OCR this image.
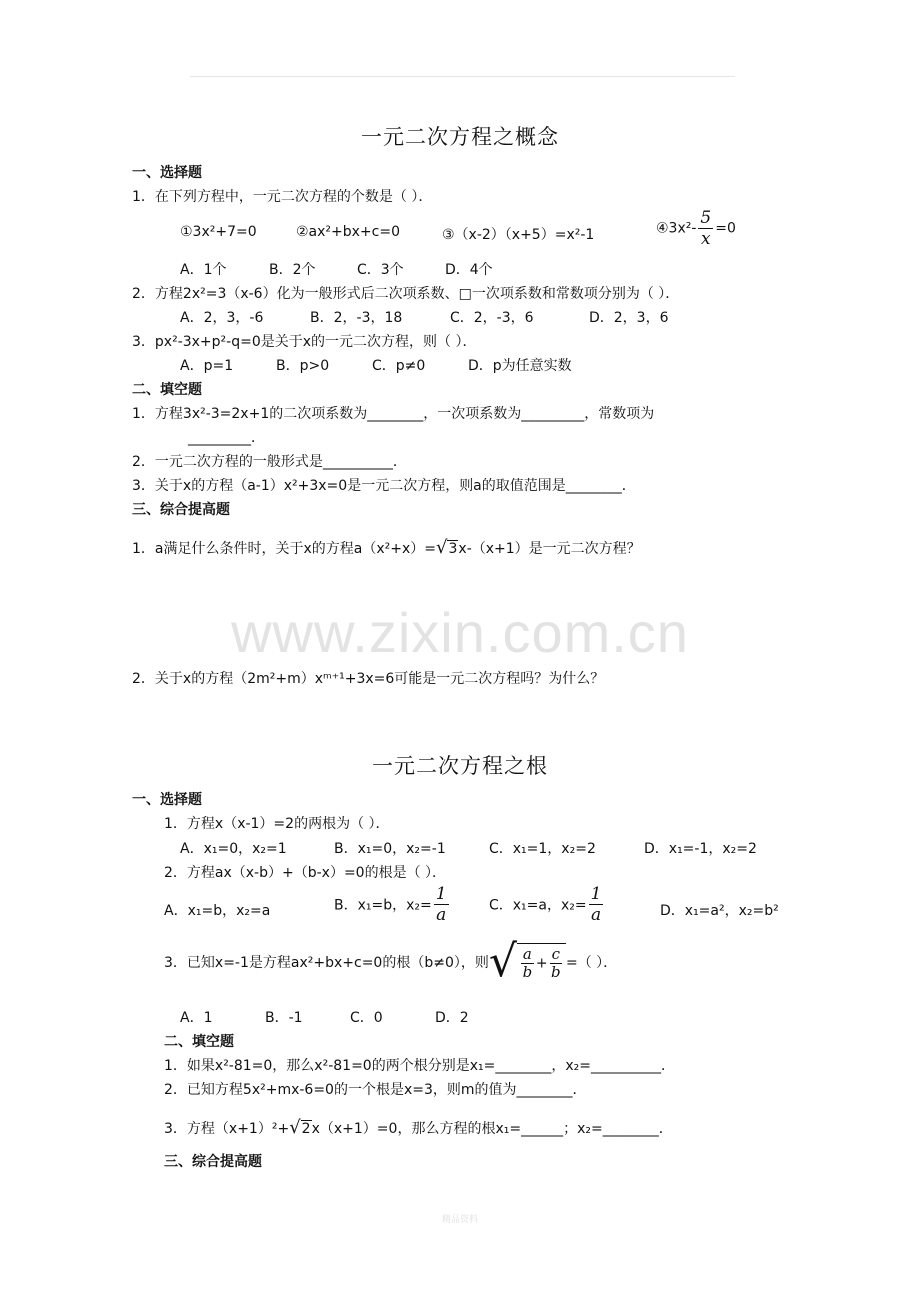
一元二次方程之概念
一、选择题
1．在下列方程中，一元二次方程的个数是（ ）．
①3x²+7=0	②ax²+bx+c=0	③（x-2）（x+5）=x²-1	④3x²- $\frac{5}{x} =0$
A．1个	B．2个	C．3个	D．4个
2．方程2x²=3（x-6）化为一般形式后二次项系数、□一次项系数和常数项分别为（ ）．
A．2，3，-6	B．2，-3，18	C．2，-3，6	D．2，3，6
3．px²-3x+p²-q=0是关于x的一元二次方程，则（ ）．
A．p=1	B．p>0	C．p≠0	D．p为任意实数
二、填空题
1．方程3x²-3=2x+1的二次项系数为________，一次项系数为_________，常数项为
_________．
2．一元二次方程的一般形式是__________．
3．关于x的方程（a-1）x²+3x=0是一元二次方程，则a的取值范围是________．
三、综合提高题
1．a满足什么条件时，关于x的方程a（x²+x）=√3x-（x+1）是一元二次方程？
2．关于x的方程（2m²+m）xᵐ⁺¹+3x=6可能是一元二次方程吗？为什么？
www.zixin.com.cn
一元二次方程之根
一、选择题
1．方程x（x-1）=2的两根为（ ）．
A．x₁=0，x₂=1	B．x₁=0，x₂=-1	C．x₁=1，x₂=2	D．x₁=-1，x₂=2
2．方程ax（x-b）+（b-x）=0的根是（ ）．
A．x₁=b，x₂=a	B．x₁=b，$x_2= \frac{1}{a}$	C．x₁=a，$x_2= \frac{1}{a}$	D．x₁=a²，x₂=b²
3．已知x=-1是方程ax²+bx+c=0的根（b≠0），则√ $\frac{a}{b} + \frac{c}{b}$ =（ ）．
A．1	B．-1	C．0	D．2
二、填空题
1．如果x²-81=0，那么x²-81=0的两个根分别是x₁=________，x₂=__________．
2．已知方程5x²+mx-6=0的一个根是x=3，则m的值为________．
3．方程（x+1）²+√2x（x+1）=0，那么方程的根x₁=______；x₂=________．
三、综合提高题
精品资料
